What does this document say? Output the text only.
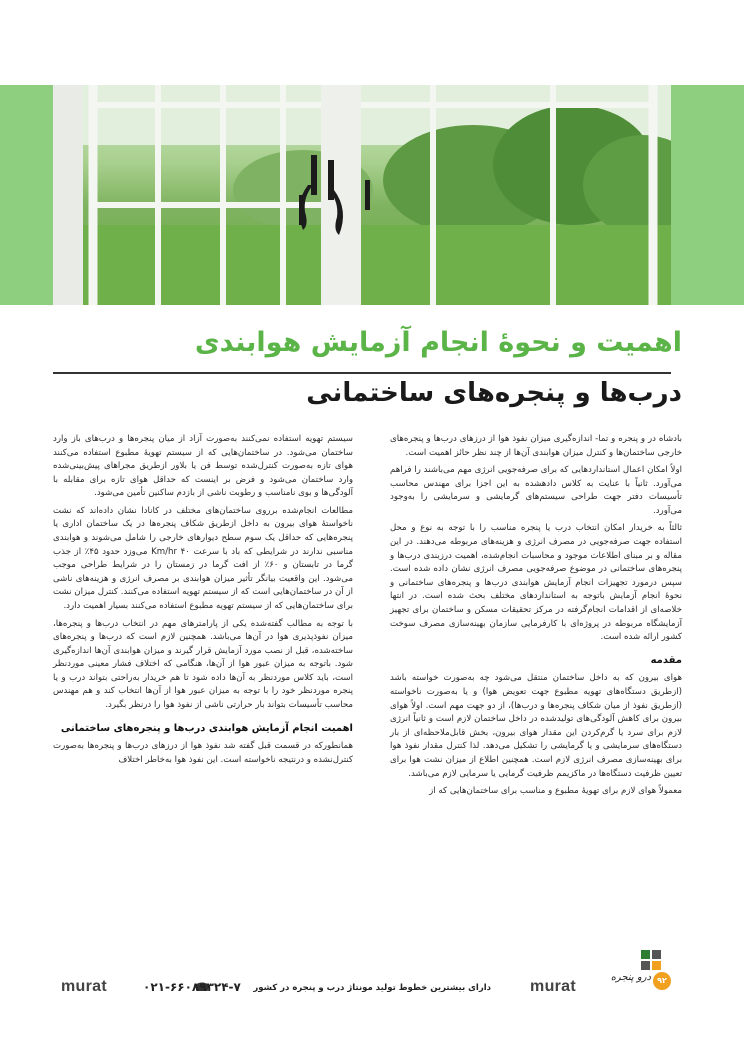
اهمیت و نحوۀ انجام آزمایش هوابندی
درب‌ها و پنجره‌های ساختمانی

بادشاه در و پنجره و تما- اندازه‌گیری میزان نفوذ هوا از درزهای درب‌ها و پنجره‌های خارجی ساختمان‌ها و کنترل میزان هوابندی آن‌ها از چند نظر حائز اهمیت است.

اولاً امکان اعمال استانداردهایی که برای صرفه‌جویی انرژی مهم می‌باشند را فراهم می‌آورد. ثانیاً با عنایت به کلاس دادهشده به این اجزا برای مهندس محاسب تأسیسات دفتر جهت طراحی سیستم‌های گرمایشی و سرمایشی را به‌وجود می‌آورد.

ثالثاً به خریدار امکان انتخاب درب یا پنجره مناسب را با توجه به نوع و محل استفاده جهت صرفه‌جویی در مصرف انرژی و هزینه‌های مربوطه می‌دهند. در این مقاله و بر مبنای اطلاعات موجود و محاسبات انجام‌شده، اهمیت درزبندی درب‌ها و پنجره‌های ساختمانی در موضوع صرفه‌جویی مصرف انرژی نشان داده شده است. سپس درمورد تجهیزات انجام آزمایش هوابندی درب‌ها و پنجره‌های ساختمانی و نحوۀ انجام آزمایش باتوجه به استانداردهای مختلف بحث شده است. در انتها خلاصه‌ای از اقدامات انجام‌گرفته در مرکز تحقیقات مسکن و ساختمان برای تجهیز آزمایشگاه مربوطه در پروژه‌ای با کارفرمایی سازمان بهینه‌سازی مصرف سوخت کشور ارائه شده است.

مقدمه

هوای بیرون که به داخل ساختمان منتقل می‌شود چه به‌صورت خواسته باشد (ازطریق دستگاه‌های تهویه مطبوع جهت تعویض هوا) و یا به‌صورت ناخواسته (ازطریق نفوذ از میان شکاف پنجره‌ها و درب‌ها)، از دو جهت مهم است. اولاً هوای بیرون برای کاهش آلودگی‌های تولیدشده در داخل ساختمان لازم است و ثانیاً انرژی لازم برای سرد یا گرم‌کردن این مقدار هوای بیرون، بخش قابل‌ملاحظه‌ای از بار دستگاه‌های سرمایشی و یا گرمایشی را تشکیل می‌دهد. لذا کنترل مقدار نفوذ هوا برای بهینه‌سازی مصرف انرژی لازم است. همچنین اطلاع از میزان نشت هوا برای تعیین ظرفیت دستگاه‌ها در ماکزیمم ظرفیت گرمایی یا سرمایی لازم می‌باشد.

معمولاً هوای لازم برای تهویۀ مطبوع و مناسب برای ساختمان‌هایی که از

سیستم تهویه استفاده نمی‌کنند به‌صورت آزاد از میان پنجره‌ها و درب‌های باز وارد ساختمان می‌شود. در ساختمان‌هایی که از سیستم تهویۀ مطبوع استفاده می‌کنند هوای تازه به‌صورت کنترل‌شده توسط فن یا بلاور ازطریق مجراهای پیش‌بینی‌شده وارد ساختمان می‌شود و فرض بر اینست که حداقل هوای تازه برای مقابله با آلودگی‌ها و بوی نامناسب و رطوبت ناشی از بازدم ساکنین تأمین می‌شود.

مطالعات انجام‌شده برروی ساختمان‌های مختلف در کانادا نشان داده‌اند که نشت ناخواستۀ هوای بیرون به داخل ازطریق شکاف پنجره‌ها در یک ساختمان اداری یا پنجره‌هایی که حداقل یک سوم سطح دیوارهای خارجی را شامل می‌شوند و هوابندی مناسبی ندارند در شرایطی که باد با سرعت Km/hr ۴۰ می‌وزد حدود ۴۵٪ از جذب گرما در تابستان و ۶۰٪ از افت گرما در زمستان را در شرایط طراحی موجب می‌شود. این واقعیت بیانگر تأثیر میزان هوابندی بر مصرف انرژی و هزینه‌های ناشی از آن در ساختمان‌هایی است که از سیستم تهویه استفاده می‌کنند. کنترل میزان نشت برای ساختمان‌هایی که از سیستم تهویه مطبوع استفاده می‌کنند بسیار اهمیت دارد.

با توجه به مطالب گفته‌شده یکی از پارامترهای مهم در انتخاب درب‌ها و پنجره‌ها، میزان نفوذپذیری هوا در آن‌ها می‌باشد. همچنین لازم است که درب‌ها و پنجره‌های ساخته‌شده، قبل از نصب مورد آزمایش قرار گیرند و میزان هوابندی آن‌ها اندازه‌گیری شود. باتوجه به میزان عبور هوا از آن‌ها، هنگامی که اختلاف فشار معینی موردنظر است، باید کلاس موردنظر به آن‌ها داده شود تا هم خریدار به‌راحتی بتواند درب و یا پنجره موردنظر خود را با توجه به میزان عبور هوا از آن‌ها انتخاب کند و هم مهندس محاسب تأسیسات بتواند بار حرارتی ناشی از نفوذ هوا را درنظر بگیرد.

اهمیت انجام آزمایش هوابندی درب‌ها و پنجره‌های ساختمانی

همانطورکه در قسمت قبل گفته شد نفوذ هوا از درزهای درب‌ها و پنجره‌ها به‌صورت کنترل‌نشده و درنتیجه ناخواسته است. این نفوذ هوا به‌خاطر اختلاف

۹۲
درو پنجره
murat
دارای بیشترین خطوط تولید مونتاژ درب و پنجره در کشور
۰۲۱-۶۶۰۸۹۳۲۴-۷
murat
